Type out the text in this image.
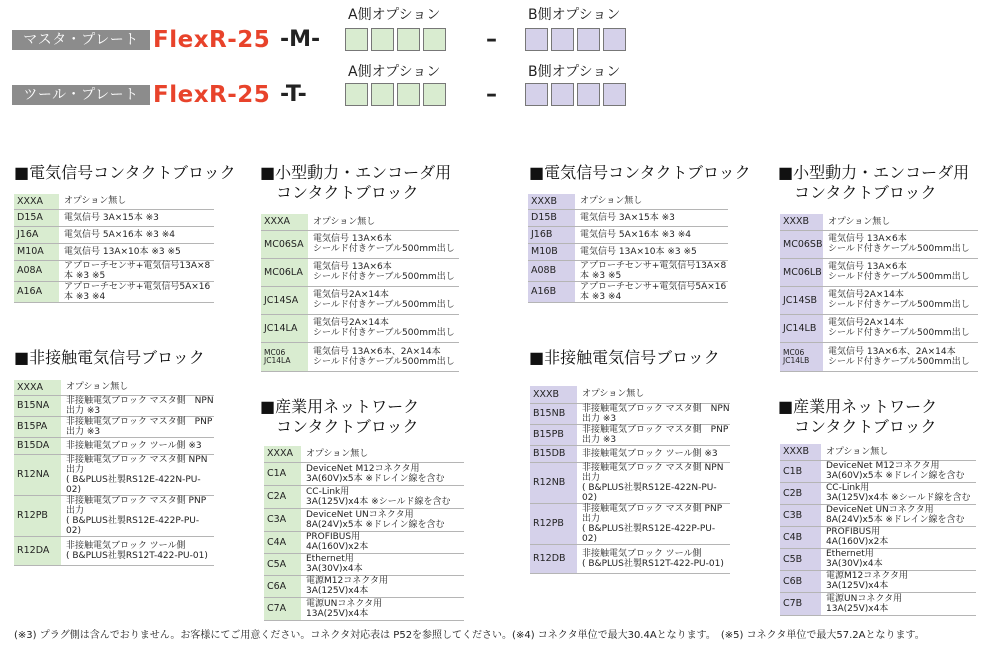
マスタ・プレート FlexR-25 -M-
A側オプション
–
B側オプション
ツール・プレート FlexR-25 -T-
A側オプション
–
B側オプション
■電気信号コンタクトブロック
XXXA	オプション無し
D15A	電気信号 3A×15本 ※3
J16A	電気信号 5A×16本 ※3 ※4
M10A	電気信号 13A×10本 ※3 ※5
A08A	アプローチセンサ+電気信号13A×8本 ※3 ※5
A16A	アプローチセンサ+電気信号5A×16本 ※3 ※4
■非接触電気信号ブロック
XXXA	オプション無し
B15NA	非接触電気ブロック マスタ側　NPN出力 ※3
B15PA	非接触電気ブロック マスタ側　PNP出力 ※3
B15DA	非接触電気ブロック ツール側 ※3
R12NA	非接触電気ブロック マスタ側 NPN出力
( B&PLUS社製RS12E-422N-PU-02)
R12PB	非接触電気ブロック マスタ側 PNP出力
( B&PLUS社製RS12E-422P-PU-02)
R12DA	非接触電気ブロック ツール側
( B&PLUS社製RS12T-422-PU-01)
■小型動力・エンコーダ用
　コンタクトブロック
XXXA	オプション無し
MC06SA	電気信号 13A×6本
シールド付きケーブル500mm出し
MC06LA	電気信号 13A×6本
シールド付きケーブル500mm出し
JC14SA	電気信号2A×14本
シールド付きケーブル500mm出し
JC14LA	電気信号2A×14本
シールド付きケーブル500mm出し
MC06
JC14LA	電気信号 13A×6本、2A×14本
シールド付きケーブル500mm出し
■産業用ネットワーク
　コンタクトブロック
XXXA	オプション無し
C1A	DeviceNet M12コネクタ用
3A(60V)x5本 ※ドレイン線を含む
C2A	CC-Link用
3A(125V)x4本 ※シールド線を含む
C3A	DeviceNet UNコネクタ用
8A(24V)x5本 ※ドレイン線を含む
C4A	PROFIBUS用
4A(160V)x2本
C5A	Ethernet用
3A(30V)x4本
C6A	電源M12コネクタ用
3A(125V)x4本
C7A	電源UNコネクタ用
13A(25V)x4本
■電気信号コンタクトブロック
XXXB	オプション無し
D15B	電気信号 3A×15本 ※3
J16B	電気信号 5A×16本 ※3 ※4
M10B	電気信号 13A×10本 ※3 ※5
A08B	アプローチセンサ+電気信号13A×8本 ※3 ※5
A16B	アプローチセンサ+電気信号5A×16本 ※3 ※4
■非接触電気信号ブロック
XXXB	オプション無し
B15NB	非接触電気ブロック マスタ側　NPN出力 ※3
B15PB	非接触電気ブロック マスタ側　PNP出力 ※3
B15DB	非接触電気ブロック ツール側 ※3
R12NB	非接触電気ブロック マスタ側 NPN出力
( B&PLUS社製RS12E-422N-PU-02)
R12PB	非接触電気ブロック マスタ側 PNP出力
( B&PLUS社製RS12E-422P-PU-02)
R12DB	非接触電気ブロック ツール側
( B&PLUS社製RS12T-422-PU-01)
■小型動力・エンコーダ用
　コンタクトブロック
XXXB	オプション無し
MC06SB	電気信号 13A×6本
シールド付きケーブル500mm出し
MC06LB	電気信号 13A×6本
シールド付きケーブル500mm出し
JC14SB	電気信号2A×14本
シールド付きケーブル500mm出し
JC14LB	電気信号2A×14本
シールド付きケーブル500mm出し
MC06
JC14LB	電気信号 13A×6本、2A×14本
シールド付きケーブル500mm出し
■産業用ネットワーク
　コンタクトブロック
XXXB	オプション無し
C1B	DeviceNet M12コネクタ用
3A(60V)x5本 ※ドレイン線を含む
C2B	CC-Link用
3A(125V)x4本 ※シールド線を含む
C3B	DeviceNet UNコネクタ用
8A(24V)x5本 ※ドレイン線を含む
C4B	PROFIBUS用
4A(160V)x2本
C5B	Ethernet用
3A(30V)x4本
C6B	電源M12コネクタ用
3A(125V)x4本
C7B	電源UNコネクタ用
13A(25V)x4本
(※3) プラグ側は含んでおりません。お客様にてご用意ください。コネクタ対応表は P52を参照してください。(※4) コネクタ単位で最大30.4Aとなります。　(※5) コネクタ単位で最大57.2Aとなります。
